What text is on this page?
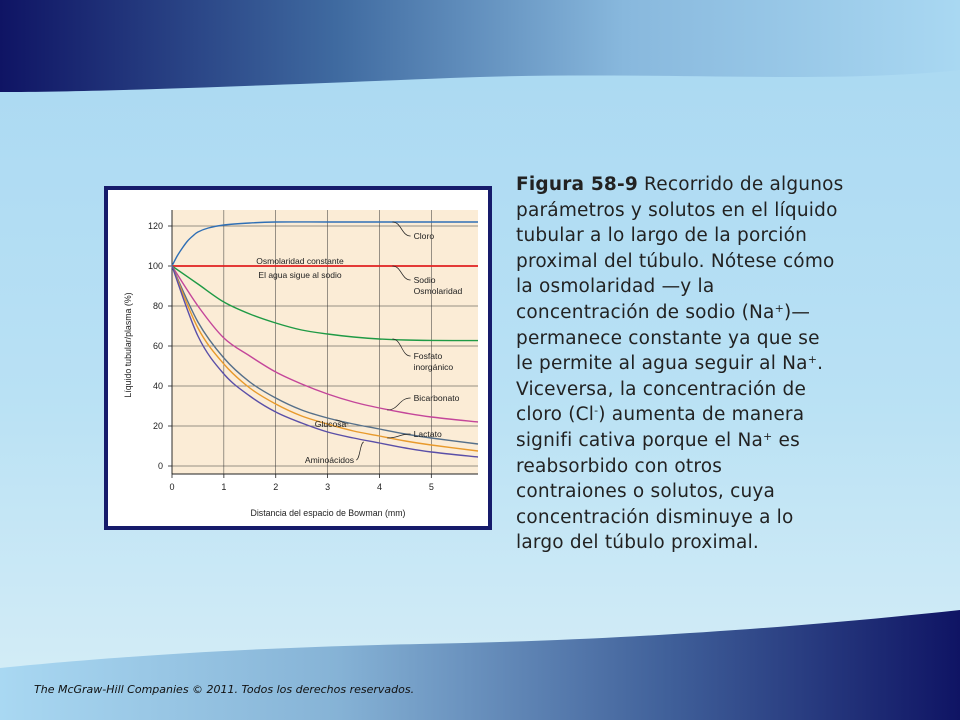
0	1	2	3	4	5
0
20
40
60
80
100
120
Cloro
Sodio
Osmolaridad
Fosfato
inorgánico
Bicarbonato
Glucosa
Lactato
Aminoácidos
Osmolaridad constante
El agua sigue al sodio
Distancia del espacio de Bowman (mm)
Líquido tubular/plasma (%)
Figura 58-9 Recorrido de algunos
parámetros y solutos en el líquido
tubular a lo largo de la porción
proximal del túbulo. Nótese cómo
la osmolaridad —y la
concentración de sodio (Na+)—
permanece constante ya que se
le permite al agua seguir al Na+.
Viceversa, la concentración de
cloro (Cl-) aumenta de manera
signifi cativa porque el Na+ es
reabsorbido con otros
contraiones o solutos, cuya
concentración disminuye a lo
largo del túbulo proximal.
The McGraw-Hill Companies © 2011. Todos los derechos reservados.
